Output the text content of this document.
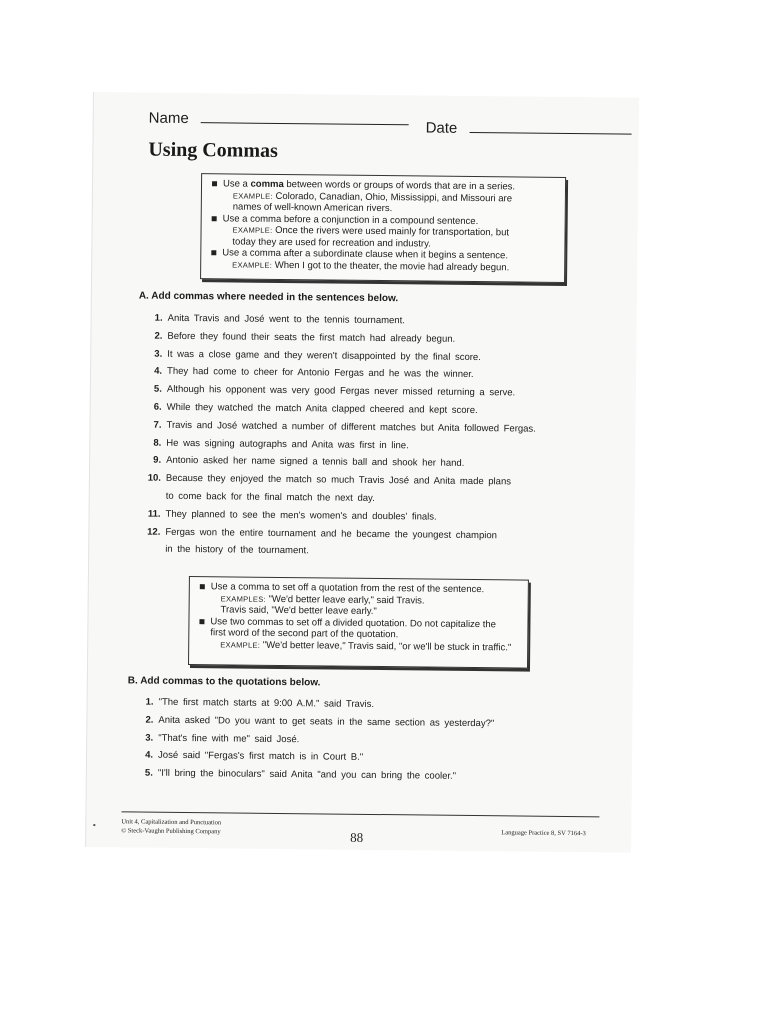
Name
Date
Using Commas
Use a comma between words or groups of words that are in a series.
EXAMPLE: Colorado, Canadian, Ohio, Mississippi, and Missouri are
names of well-known American rivers.
Use a comma before a conjunction in a compound sentence.
EXAMPLE: Once the rivers were used mainly for transportation, but
today they are used for recreation and industry.
Use a comma after a subordinate clause when it begins a sentence.
EXAMPLE: When I got to the theater, the movie had already begun.
A. Add commas where needed in the sentences below.
1. Anita Travis and José went to the tennis tournament.
2. Before they found their seats the first match had already begun.
3. It was a close game and they weren't disappointed by the final score.
4. They had come to cheer for Antonio Fergas and he was the winner.
5. Although his opponent was very good Fergas never missed returning a serve.
6. While they watched the match Anita clapped cheered and kept score.
7. Travis and José watched a number of different matches but Anita followed Fergas.
8. He was signing autographs and Anita was first in line.
9. Antonio asked her name signed a tennis ball and shook her hand.
10. Because they enjoyed the match so much Travis José and Anita made plans
to come back for the final match the next day.
11. They planned to see the men's women's and doubles' finals.
12. Fergas won the entire tournament and he became the youngest champion
in the history of the tournament.
Use a comma to set off a quotation from the rest of the sentence.
EXAMPLES: "We'd better leave early," said Travis.
Travis said, "We'd better leave early."
Use two commas to set off a divided quotation. Do not capitalize the
first word of the second part of the quotation.
EXAMPLE: "We'd better leave," Travis said, "or we'll be stuck in traffic."
B. Add commas to the quotations below.
1. "The first match starts at 9:00 A.M." said Travis.
2. Anita asked "Do you want to get seats in the same section as yesterday?"
3. "That's fine with me" said José.
4. José said "Fergas's first match is in Court B."
5. "I'll bring the binoculars" said Anita "and you can bring the cooler."
Unit 4, Capitalization and Punctuation
© Steck-Vaughn Publishing Company	88	Language Practice 8, SV 7164-3
